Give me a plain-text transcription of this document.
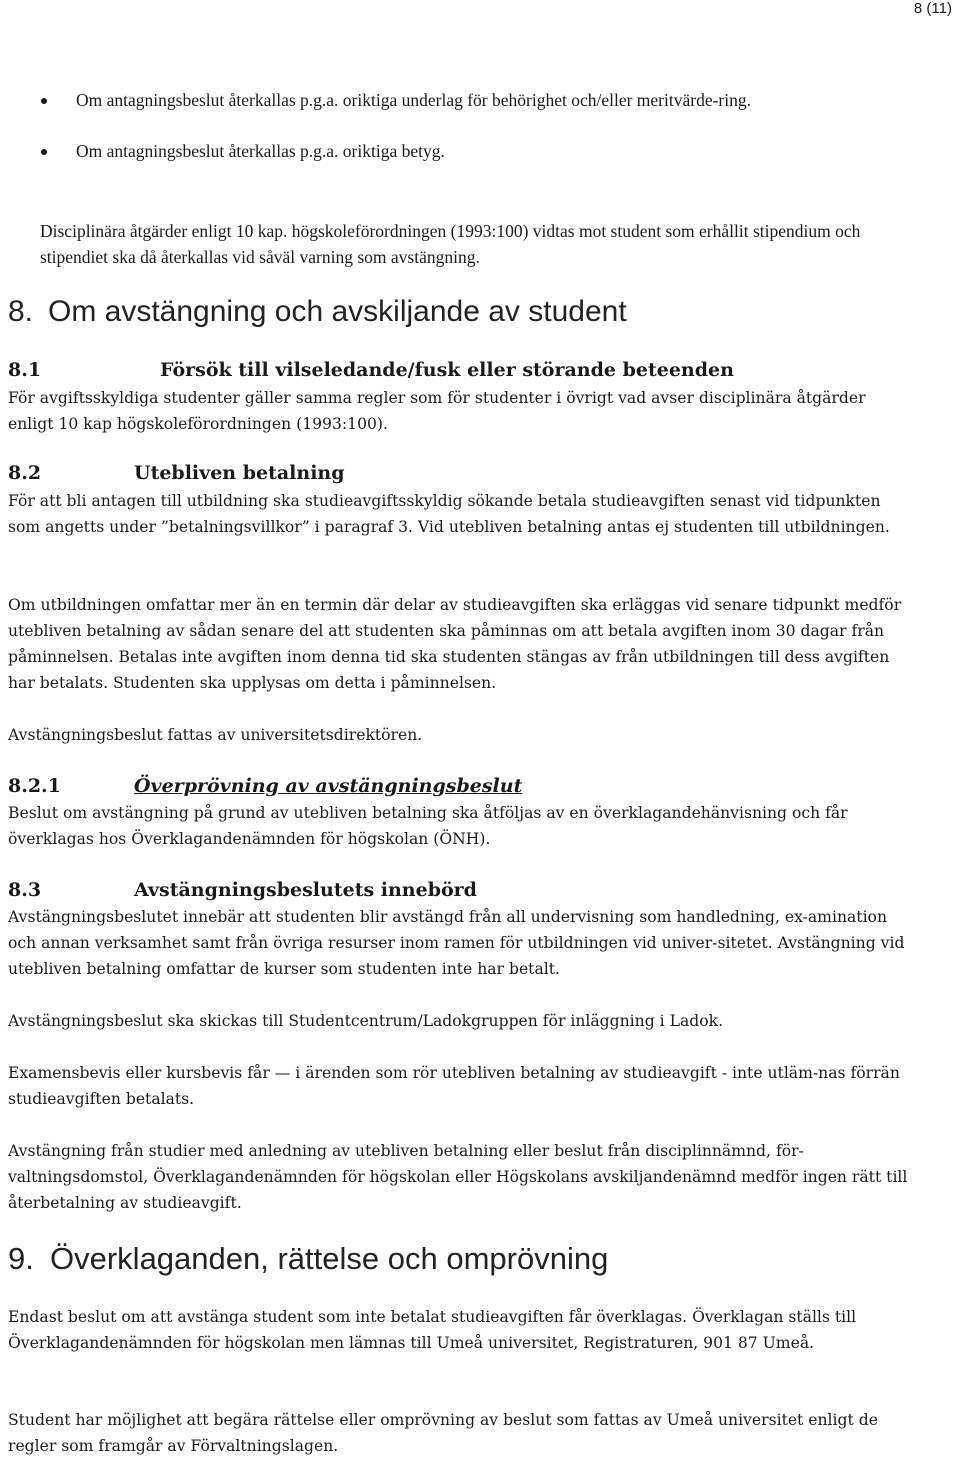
8 (11)
Om antagningsbeslut återkallas p.g.a. oriktiga underlag för behörighet och/eller meritvärde-ring.
Om antagningsbeslut återkallas p.g.a. oriktiga betyg.

Disciplinära åtgärder enligt 10 kap. högskoleförordningen (1993:100) vidtas mot student som erhållit stipendium och stipendiet ska då återkallas vid såväl varning som avstängning.

8. Om avstängning och avskiljande av student
8.1	Försök till vilseledande/fusk eller störande beteenden

För avgiftsskyldiga studenter gäller samma regler som för studenter i övrigt vad avser disciplinära åtgärder enligt 10 kap högskoleförordningen (1993:100).

8.2	Utebliven betalning

För att bli antagen till utbildning ska studieavgiftsskyldig sökande betala studieavgiften senast vid tidpunkten som angetts under ”betalningsvillkor” i paragraf 3. Vid utebliven betalning antas ej studenten till utbildningen.

Om utbildningen omfattar mer än en termin där delar av studieavgiften ska erläggas vid senare tidpunkt medför utebliven betalning av sådan senare del att studenten ska påminnas om att betala avgiften inom 30 dagar från påminnelsen. Betalas inte avgiften inom denna tid ska studenten stängas av från utbildningen till dess avgiften har betalats. Studenten ska upplysas om detta i påminnelsen.

Avstängningsbeslut fattas av universitetsdirektören.

8.2.1	Överprövning av avstängningsbeslut

Beslut om avstängning på grund av utebliven betalning ska åtföljas av en överklagandehänvisning och får överklagas hos Överklagandenämnden för högskolan (ÖNH).

8.3	Avstängningsbeslutets innebörd

Avstängningsbeslutet innebär att studenten blir avstängd från all undervisning som handledning, ex-amination och annan verksamhet samt från övriga resurser inom ramen för utbildningen vid univer-sitetet. Avstängning vid utebliven betalning omfattar de kurser som studenten inte har betalt.

Avstängningsbeslut ska skickas till Studentcentrum/Ladokgruppen för inläggning i Ladok.

Examensbevis eller kursbevis får — i ärenden som rör utebliven betalning av studieavgift - inte utläm-nas förrän studieavgiften betalats.

Avstängning från studier med anledning av utebliven betalning eller beslut från disciplinnämnd, för-valtningsdomstol, Överklagandenämnden för högskolan eller Högskolans avskiljandenämnd medför ingen rätt till återbetalning av studieavgift.

9. Överklaganden, rättelse och omprövning

Endast beslut om att avstänga student som inte betalat studieavgiften får överklagas. Överklagan ställs till Överklagandenämnden för högskolan men lämnas till Umeå universitet, Registraturen, 901 87 Umeå.

Student har möjlighet att begära rättelse eller omprövning av beslut som fattas av Umeå universitet enligt de regler som framgår av Förvaltningslagen.
